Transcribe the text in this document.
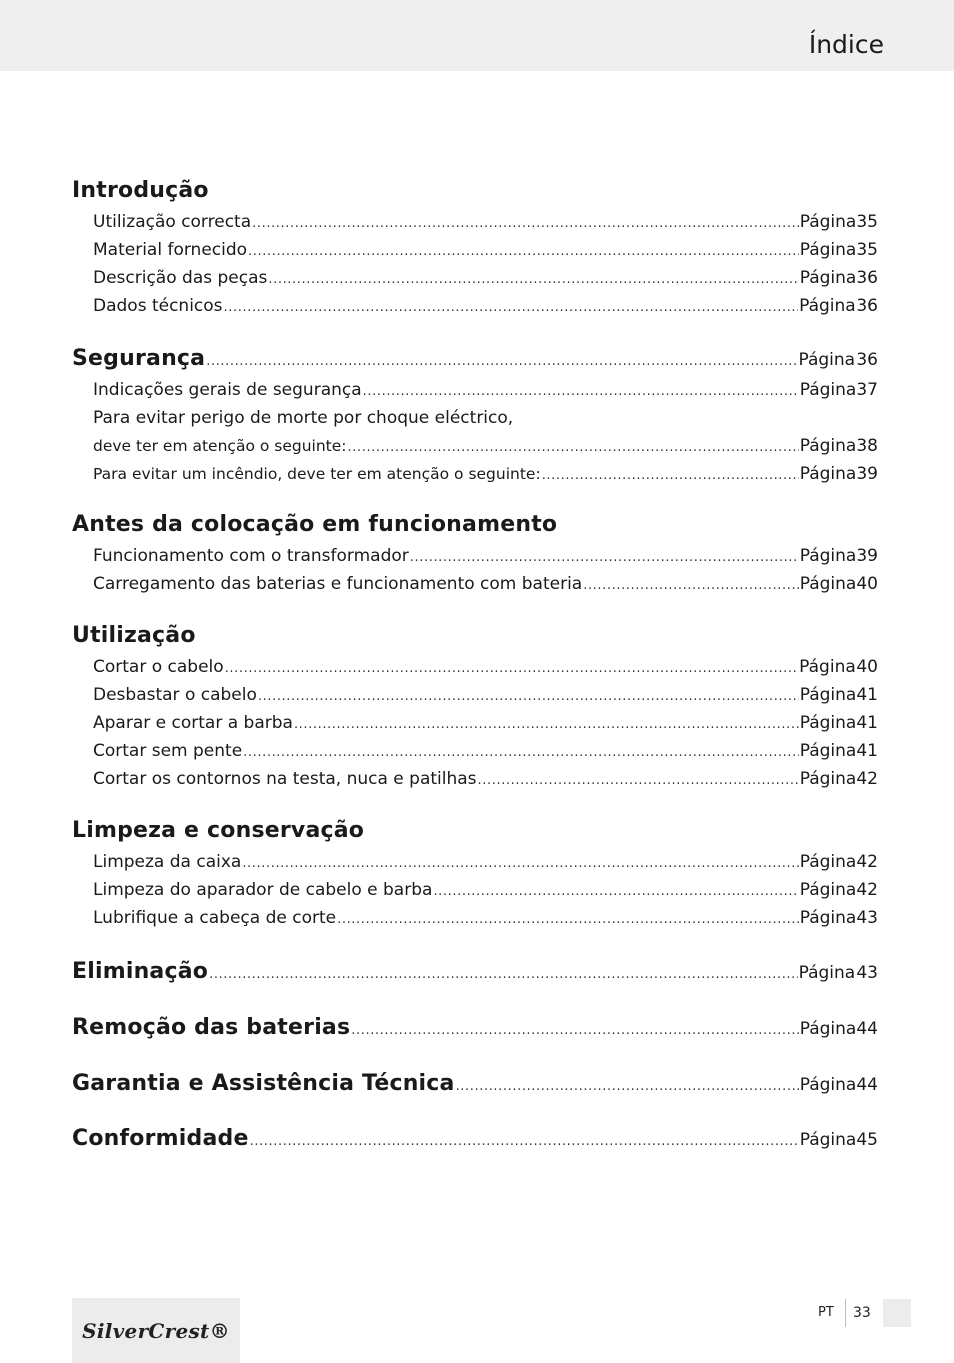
Índice
Introdução
Utilização correcta .....	Página 35
Material fornecido .....	Página 35
Descrição das peças .....	Página 36
Dados técnicos .....	Página 36
Segurança .....	Página 36
Indicações gerais de segurança .....	Página 37
Para evitar perigo de morte por choque eléctrico,
deve ter em atenção o seguinte: .....	Página 38
Para evitar um incêndio, deve ter em atenção o seguinte: .....	Página 39
Antes da colocação em funcionamento
Funcionamento com o transformador .....	Página 39
Carregamento das baterias e funcionamento com bateria .....	Página 40
Utilização
Cortar o cabelo .....	Página 40
Desbastar o cabelo .....	Página 41
Aparar e cortar a barba .....	Página 41
Cortar sem pente .....	Página 41
Cortar os contornos na testa, nuca e patilhas .....	Página 42
Limpeza e conservação
Limpeza da caixa .....	Página 42
Limpeza do aparador de cabelo e barba .....	Página 42
Lubrifique a cabeça de corte .....	Página 43
Eliminação .....	Página 43
Remoção das baterias .....	Página 44
Garantia e Assistência Técnica .....	Página 44
Conformidade .....	Página 45
SilverCrest®
PT 33
